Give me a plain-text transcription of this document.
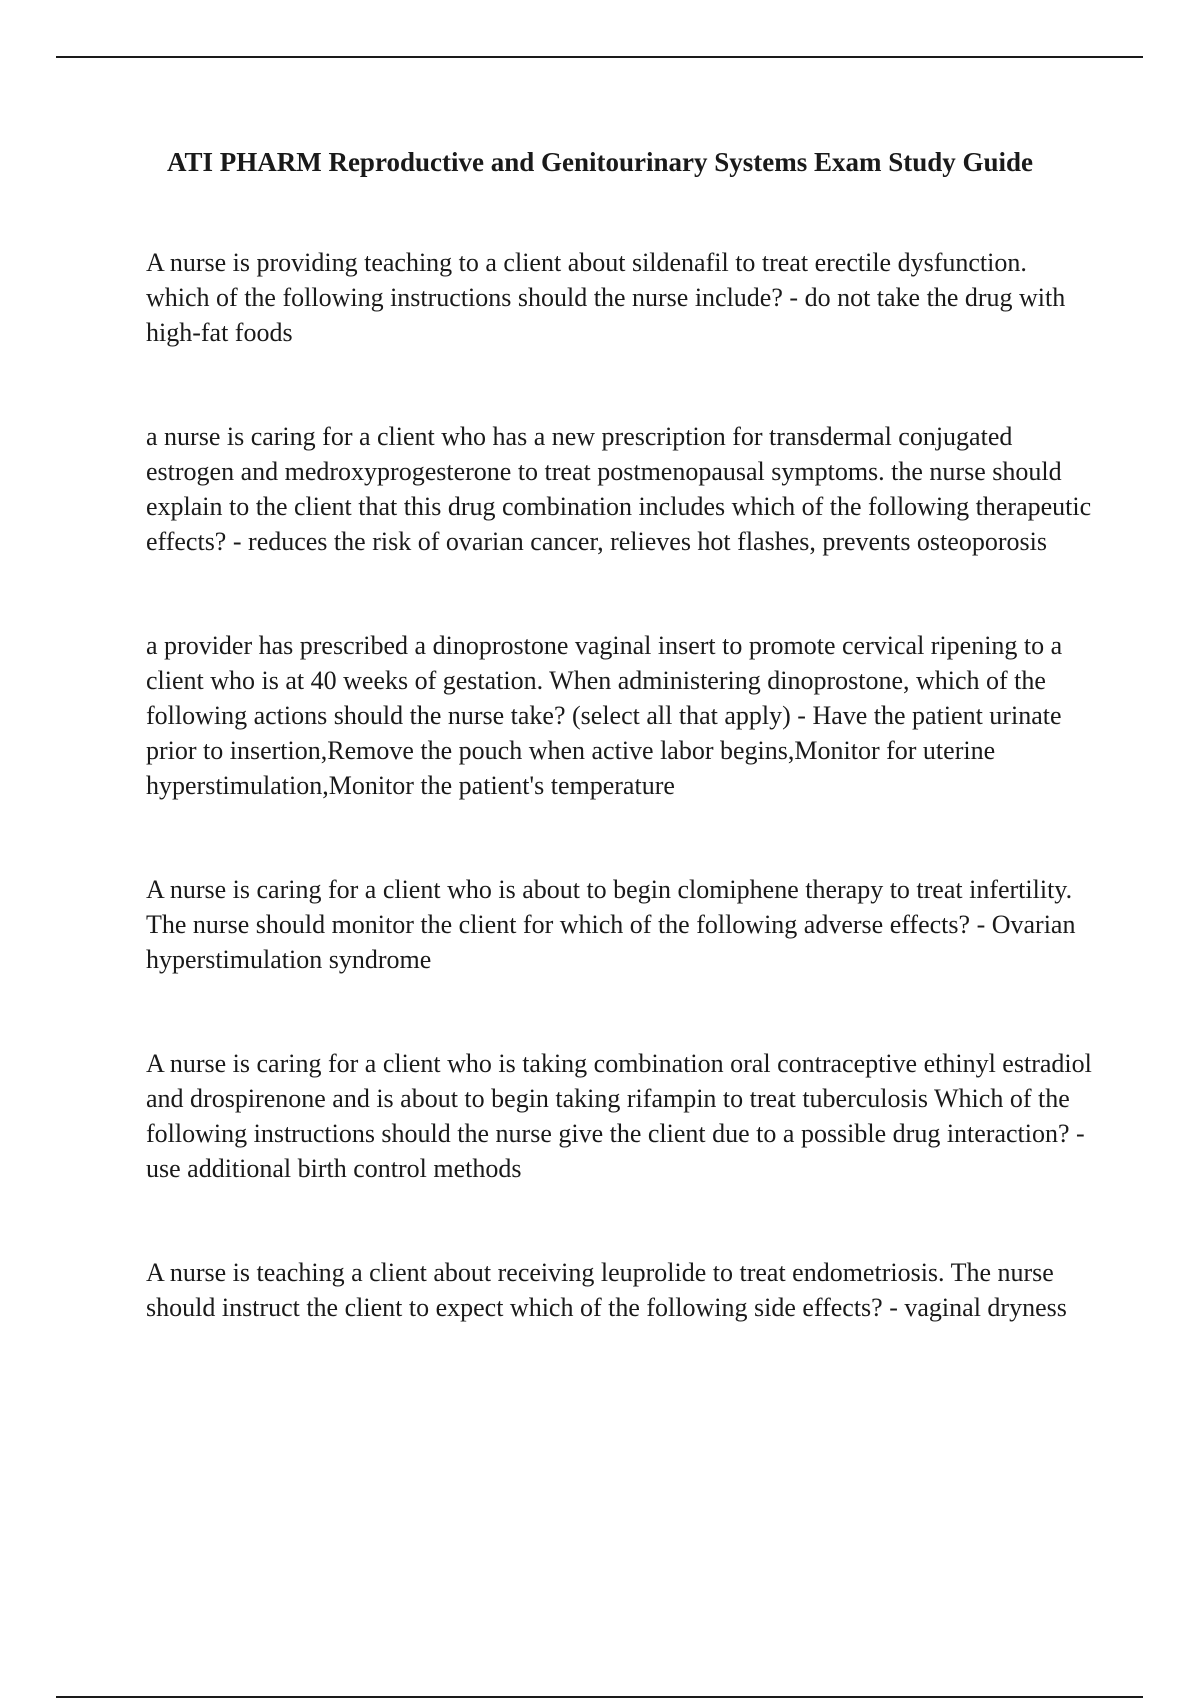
ATI PHARM Reproductive and Genitourinary Systems Exam Study Guide

A nurse is providing teaching to a client about sildenafil to treat erectile dysfunction. which of the following instructions should the nurse include? - do not take the drug with high-fat foods

a nurse is caring for a client who has a new prescription for transdermal conjugated estrogen and medroxyprogesterone to treat postmenopausal symptoms. the nurse should explain to the client that this drug combination includes which of the following therapeutic effects? - reduces the risk of ovarian cancer, relieves hot flashes, prevents osteoporosis

a provider has prescribed a dinoprostone vaginal insert to promote cervical ripening to a client who is at 40 weeks of gestation. When administering dinoprostone, which of the following actions should the nurse take? (select all that apply) - Have the patient urinate prior to insertion,Remove the pouch when active labor begins,Monitor for uterine hyperstimulation,Monitor the patient's temperature

A nurse is caring for a client who is about to begin clomiphene therapy to treat infertility. The nurse should monitor the client for which of the following adverse effects? - Ovarian hyperstimulation syndrome

A nurse is caring for a client who is taking combination oral contraceptive ethinyl estradiol and drospirenone and is about to begin taking rifampin to treat tuberculosis Which of the following instructions should the nurse give the client due to a possible drug interaction? - use additional birth control methods

A nurse is teaching a client about receiving leuprolide to treat endometriosis. The nurse should instruct the client to expect which of the following side effects? - vaginal dryness
